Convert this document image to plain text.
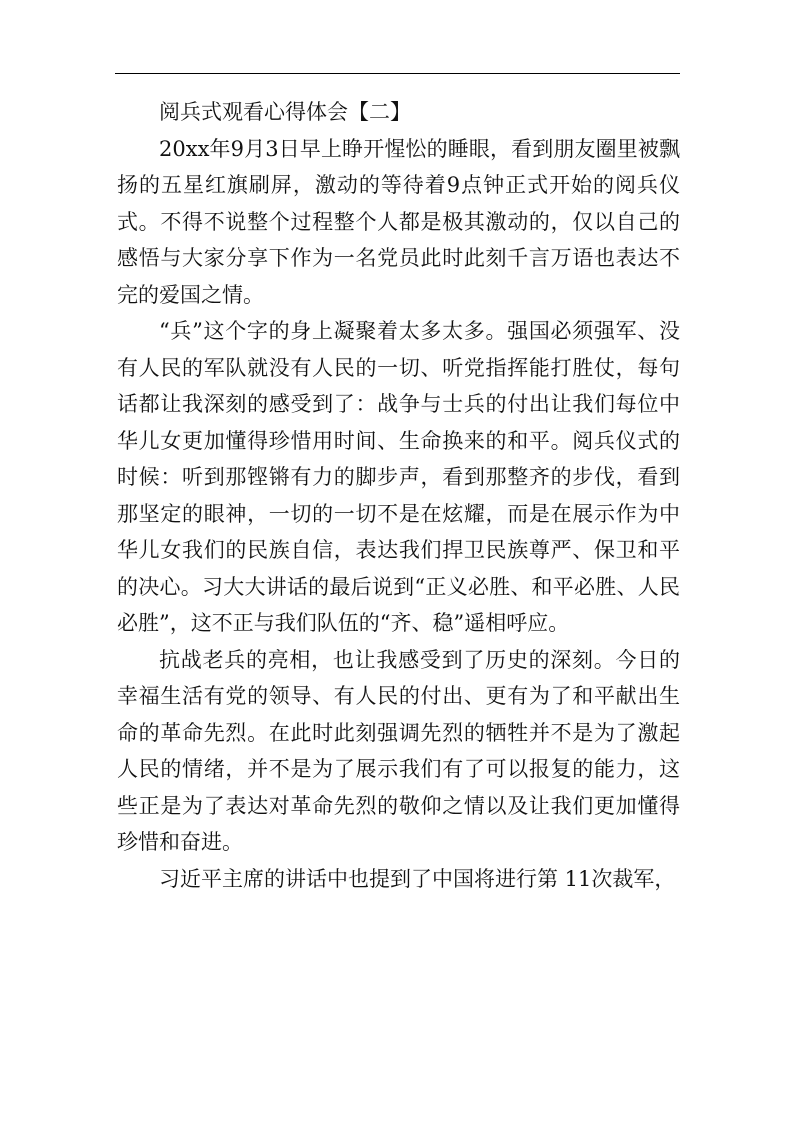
阅兵式观看心得体会【二】

20xx年9月3日早上睁开惺忪的睡眼，看到朋友圈里被飘扬的五星红旗刷屏，激动的等待着9点钟正式开始的阅兵仪式。不得不说整个过程整个人都是极其激动的，仅以自己的感悟与大家分享下作为一名党员此时此刻千言万语也表达不完的爱国之情。

“兵”这个字的身上凝聚着太多太多。强国必须强军、没有人民的军队就没有人民的一切、听党指挥能打胜仗，每句话都让我深刻的感受到了：战争与士兵的付出让我们每位中华儿女更加懂得珍惜用时间、生命换来的和平。阅兵仪式的时候：听到那铿锵有力的脚步声，看到那整齐的步伐，看到那坚定的眼神，一切的一切不是在炫耀，而是在展示作为中华儿女我们的民族自信，表达我们捍卫民族尊严、保卫和平的决心。习大大讲话的最后说到“正义必胜、和平必胜、人民必胜”，这不正与我们队伍的“齐、稳”遥相呼应。

抗战老兵的亮相，也让我感受到了历史的深刻。今日的幸福生活有党的领导、有人民的付出、更有为了和平献出生命的革命先烈。在此时此刻强调先烈的牺牲并不是为了激起人民的情绪，并不是为了展示我们有了可以报复的能力，这些正是为了表达对革命先烈的敬仰之情以及让我们更加懂得珍惜和奋进。

习近平主席的讲话中也提到了中国将进行第 11次裁军，
